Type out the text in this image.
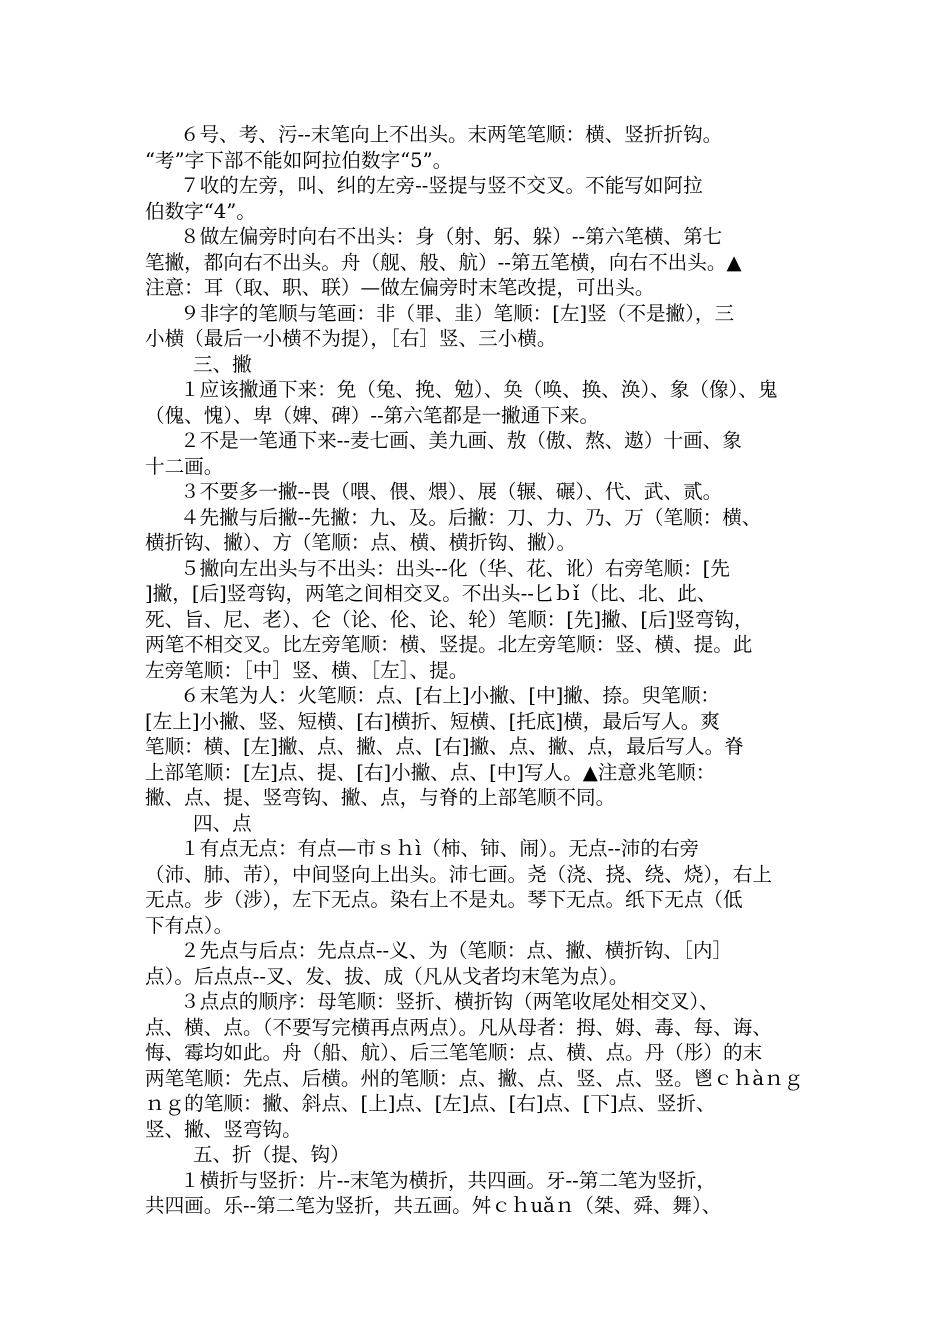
６号、考、污--末笔向上不出头。末两笔笔顺：横、竖折折钩。
“考”字下部不能如阿拉伯数字“5”。
７收的左旁，叫、纠的左旁--竖提与竖不交叉。不能写如阿拉
伯数字“4”。
８做左偏旁时向右不出头：身（射、躬、躲）--第六笔横、第七
笔撇，都向右不出头。舟（舰、般、航）--第五笔横，向右不出头。▲
注意：耳（取、职、联）—做左偏旁时末笔改提，可出头。
９非字的笔顺与笔画：非（罪、韭）笔顺：[左]竖（不是撇），三
小横（最后一小横不为提），［右］竖、三小横。
三、撇
１应该撇通下来：免（兔、挽、勉）、奂（唤、换、涣）、象（像）、鬼
（傀、愧）、卑（婢、碑）--第六笔都是一撇通下来。
２不是一笔通下来--麦七画、美九画、敖（傲、熬、遨）十画、象
十二画。
３不要多一撇--畏（喂、偎、煨）、展（辗、碾）、代、武、贰。
４先撇与后撇--先撇：九、及。后撇：刀、力、乃、万（笔顺：横、
横折钩、撇）、方（笔顺：点、横、横折钩、撇）。
５撇向左出头与不出头：出头--化（华、花、讹）右旁笔顺：[先
]撇，[后]竖弯钩，两笔之间相交叉。不出头--匕ｂǐ（比、北、此、
死、旨、尼、老）、仑（论、伦、论、轮）笔顺：[先]撇、[后]竖弯钩，
两笔不相交叉。比左旁笔顺：横、竖提。北左旁笔顺：竖、横、提。此
左旁笔顺：［中］竖、横、［左］、提。
６末笔为人：火笔顺：点、[右上]小撇、[中]撇、捺。臾笔顺：
[左上]小撇、竖、短横、[右]横折、短横、[托底]横，最后写人。爽
笔顺：横、[左]撇、点、撇、点、[右]撇、点、撇、点，最后写人。脊
上部笔顺：[左]点、提、[右]小撇、点、[中]写人。▲注意兆笔顺：
撇、点、提、竖弯钩、撇、点，与脊的上部笔顺不同。
四、点
１有点无点：有点—市ｓｈì（柿、铈、闹）。无点--沛的右旁
（沛、肺、芾），中间竖向上出头。沛七画。尧（浇、挠、绕、烧），右上
无点。步（涉），左下无点。染右上不是丸。琴下无点。纸下无点（低
下有点）。
２先点与后点：先点点--义、为（笔顺：点、撇、横折钩、［内］
点）。后点点--叉、发、拔、成（凡从戈者均末笔为点）。
３点点的顺序：母笔顺：竖折、横折钩（两笔收尾处相交叉）、
点、横、点。（不要写完横再点两点）。凡从母者：拇、姆、毒、每、诲、
悔、霉均如此。舟（船、航）、后三笔笔顺：点、横、点。丹（彤）的末
两笔笔顺：先点、后横。州的笔顺：点、撇、点、竖、点、竖。鬯ｃｈàｎｇ
ｎｇ的笔顺：撇、斜点、[上]点、[左]点、[右]点、[下]点、竖折、
竖、撇、竖弯钩。
五、折（提、钩）
１横折与竖折：片--末笔为横折，共四画。牙--第二笔为竖折，
共四画。乐--第二笔为竖折，共五画。舛ｃｈuǎｎ（桀、舜、舞）、
